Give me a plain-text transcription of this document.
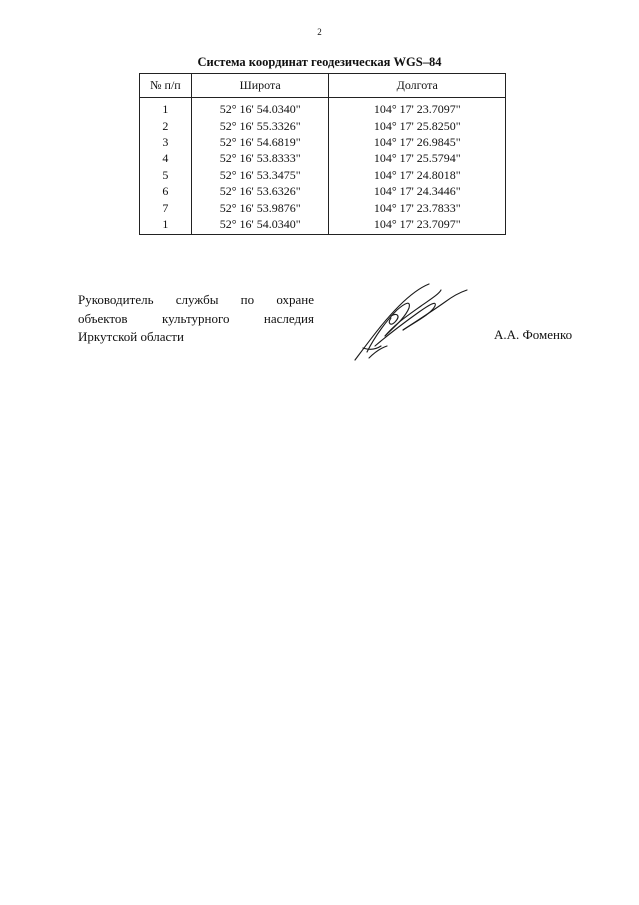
2
Система координат геодезическая WGS–84
№ п/п	Широта	Долгота
1	52° 16' 54.0340"	104° 17' 23.7097"
2	52° 16' 55.3326"	104° 17' 25.8250"
3	52° 16' 54.6819"	104° 17' 26.9845"
4	52° 16' 53.8333"	104° 17' 25.5794"
5	52° 16' 53.3475"	104° 17' 24.8018"
6	52° 16' 53.6326"	104° 17' 24.3446"
7	52° 16' 53.9876"	104° 17' 23.7833"
1	52° 16' 54.0340"	104° 17' 23.7097"
Руководитель службы по охране
объектов культурного наследия
Иркутской области	А.А. Фоменко
